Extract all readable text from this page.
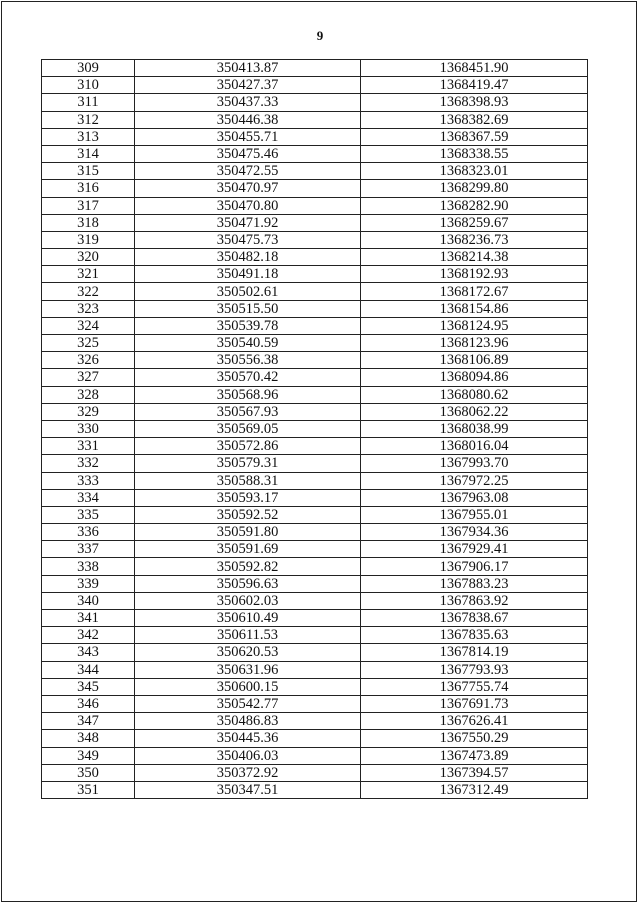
9
309	350413.87	1368451.90
310	350427.37	1368419.47
311	350437.33	1368398.93
312	350446.38	1368382.69
313	350455.71	1368367.59
314	350475.46	1368338.55
315	350472.55	1368323.01
316	350470.97	1368299.80
317	350470.80	1368282.90
318	350471.92	1368259.67
319	350475.73	1368236.73
320	350482.18	1368214.38
321	350491.18	1368192.93
322	350502.61	1368172.67
323	350515.50	1368154.86
324	350539.78	1368124.95
325	350540.59	1368123.96
326	350556.38	1368106.89
327	350570.42	1368094.86
328	350568.96	1368080.62
329	350567.93	1368062.22
330	350569.05	1368038.99
331	350572.86	1368016.04
332	350579.31	1367993.70
333	350588.31	1367972.25
334	350593.17	1367963.08
335	350592.52	1367955.01
336	350591.80	1367934.36
337	350591.69	1367929.41
338	350592.82	1367906.17
339	350596.63	1367883.23
340	350602.03	1367863.92
341	350610.49	1367838.67
342	350611.53	1367835.63
343	350620.53	1367814.19
344	350631.96	1367793.93
345	350600.15	1367755.74
346	350542.77	1367691.73
347	350486.83	1367626.41
348	350445.36	1367550.29
349	350406.03	1367473.89
350	350372.92	1367394.57
351	350347.51	1367312.49
